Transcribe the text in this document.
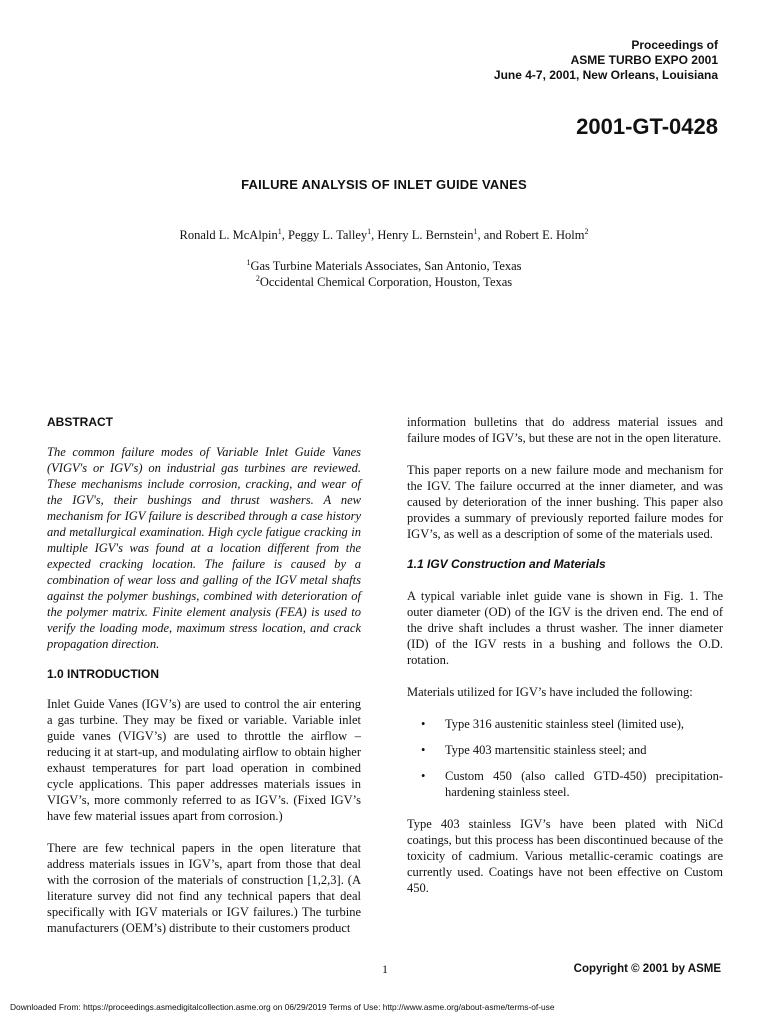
Proceedings of
ASME TURBO EXPO 2001
June 4-7, 2001, New Orleans, Louisiana
2001-GT-0428
FAILURE ANALYSIS OF INLET GUIDE VANES
Ronald L. McAlpin$^1$, Peggy L. Talley$^1$, Henry L. Bernstein$^1$, and Robert E. Holm$^2$
$^1$Gas Turbine Materials Associates, San Antonio, Texas
$^2$Occidental Chemical Corporation, Houston, Texas
ABSTRACT

The common failure modes of Variable Inlet Guide Vanes (VIGV's or IGV's) on industrial gas turbines are reviewed. These mechanisms include corrosion, cracking, and wear of the IGV's, their bushings and thrust washers. A new mechanism for IGV failure is described through a case history and metallurgical examination. High cycle fatigue cracking in multiple IGV's was found at a location different from the expected cracking location. The failure is caused by a combination of wear loss and galling of the IGV metal shafts against the polymer bushings, combined with deterioration of the polymer matrix. Finite element analysis (FEA) is used to verify the loading mode, maximum stress location, and crack propagation direction.

1.0 INTRODUCTION

Inlet Guide Vanes (IGV’s) are used to control the air entering a gas turbine. They may be fixed or variable. Variable inlet guide vanes (VIGV’s) are used to throttle the airflow – reducing it at start-up, and modulating airflow to obtain higher exhaust temperatures for part load operation in combined cycle applications. This paper addresses materials issues in VIGV’s, more commonly referred to as IGV’s. (Fixed IGV’s have few material issues apart from corrosion.)

There are few technical papers in the open literature that address materials issues in IGV’s, apart from those that deal with the corrosion of the materials of construction [1,2,3]. (A literature survey did not find any technical papers that deal specifically with IGV materials or IGV failures.) The turbine manufacturers (OEM’s) distribute to their customers product

information bulletins that do address material issues and failure modes of IGV’s, but these are not in the open literature.

This paper reports on a new failure mode and mechanism for the IGV. The failure occurred at the inner diameter, and was caused by deterioration of the inner bushing. This paper also provides a summary of previously reported failure modes for IGV’s, as well as a description of some of the materials used.

1.1 IGV Construction and Materials

A typical variable inlet guide vane is shown in Fig. 1. The outer diameter (OD) of the IGV is the driven end. The end of the drive shaft includes a thrust washer. The inner diameter (ID) of the IGV rests in a bushing and follows the O.D. rotation.

Materials utilized for IGV’s have included the following:

• Type 316 austenitic stainless steel (limited use),
• Type 403 martensitic stainless steel; and
• Custom 450 (also called GTD-450) precipitation-hardening stainless steel.

Type 403 stainless IGV’s have been plated with NiCd coatings, but this process has been discontinued because of the toxicity of cadmium. Various metallic-ceramic coatings are currently used. Coatings have not been effective on Custom 450.

1	Copyright © 2001 by ASME
Downloaded From: https://proceedings.asmedigitalcollection.asme.org on 06/29/2019 Terms of Use: http://www.asme.org/about-asme/terms-of-use
